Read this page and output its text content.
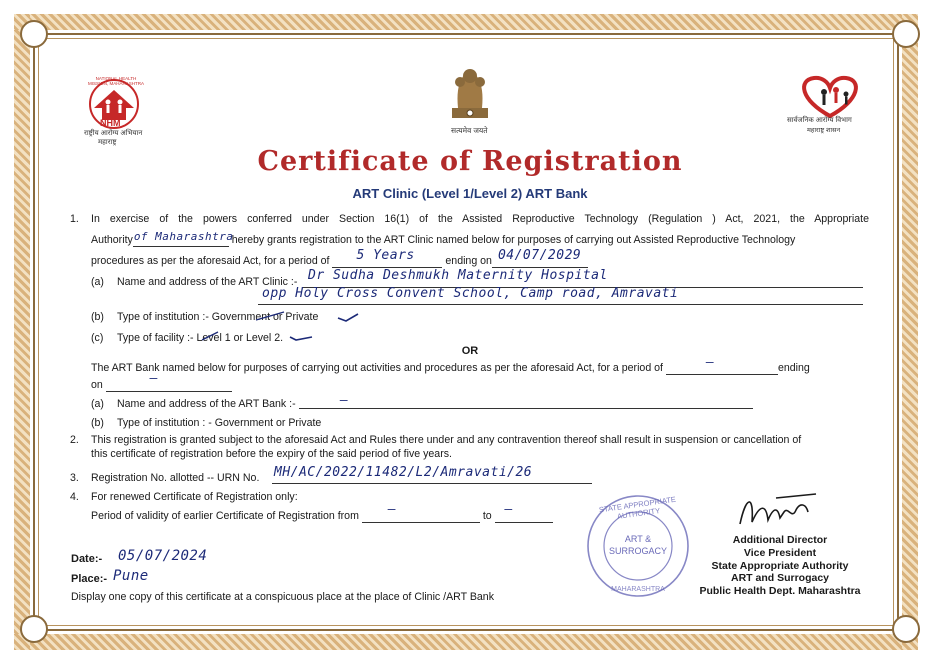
NATIONAL HEALTH MISSION, MAHARASHTRA
NHM
राष्ट्रीय आरोग्य अभियान
महाराष्ट्र
सत्यमेव जयते
सार्वजनिक आरोग्य विभाग
महाराष्ट्र शासन
Certificate of Registration
ART Clinic (Level 1/Level 2) ART Bank
1. In exercise of the powers conferred under Section 16(1) of the Assisted Reproductive Technology (Regulation ) Act, 2021, the Appropriate
Authority of Maharashtra
hereby grants registration to the ART Clinic named below for purposes of carrying out Assisted Reproductive Technology
procedures as per the aforesaid Act, for a period of 5 Years	ending on 04/07/2029
(a) Name and address of the ART Clinic :- Dr Sudha Deshmukh Maternity Hospital
opp Holy Cross Convent School, Camp road, Amravati
(b) Type of institution :- Government or Private
(c) Type of facility :- Level 1 or Level 2.
OR
The ART Bank named below for purposes of carrying out activities and procedures as per the aforesaid Act, for a period of	—	ending
on	—
(a) Name and address of the ART Bank :-	—
(b) Type of institution : - Government or Private
2. This registration is granted subject to the aforesaid Act and Rules there under and any contravention thereof shall result in suspension or cancellation of
this certificate of registration before the expiry of the said period of five years.
3. Registration No. allotted -- URN No. MH/AC/2022/11482/L2/Amravati/26
4. For renewed Certificate of Registration only:
Period of validity of earlier Certificate of Registration from —	to —
Date:- 05/07/2024
Place:- Pune
Display one copy of this certificate at a conspicuous place at the place of Clinic /ART Bank
STATE APPROPRIATE AUTHORITY
ART &
SURROGACY
MAHARASHTRA
Additional Director
Vice President
State Appropriate Authority
ART and Surrogacy
Public Health Dept. Maharashtra
